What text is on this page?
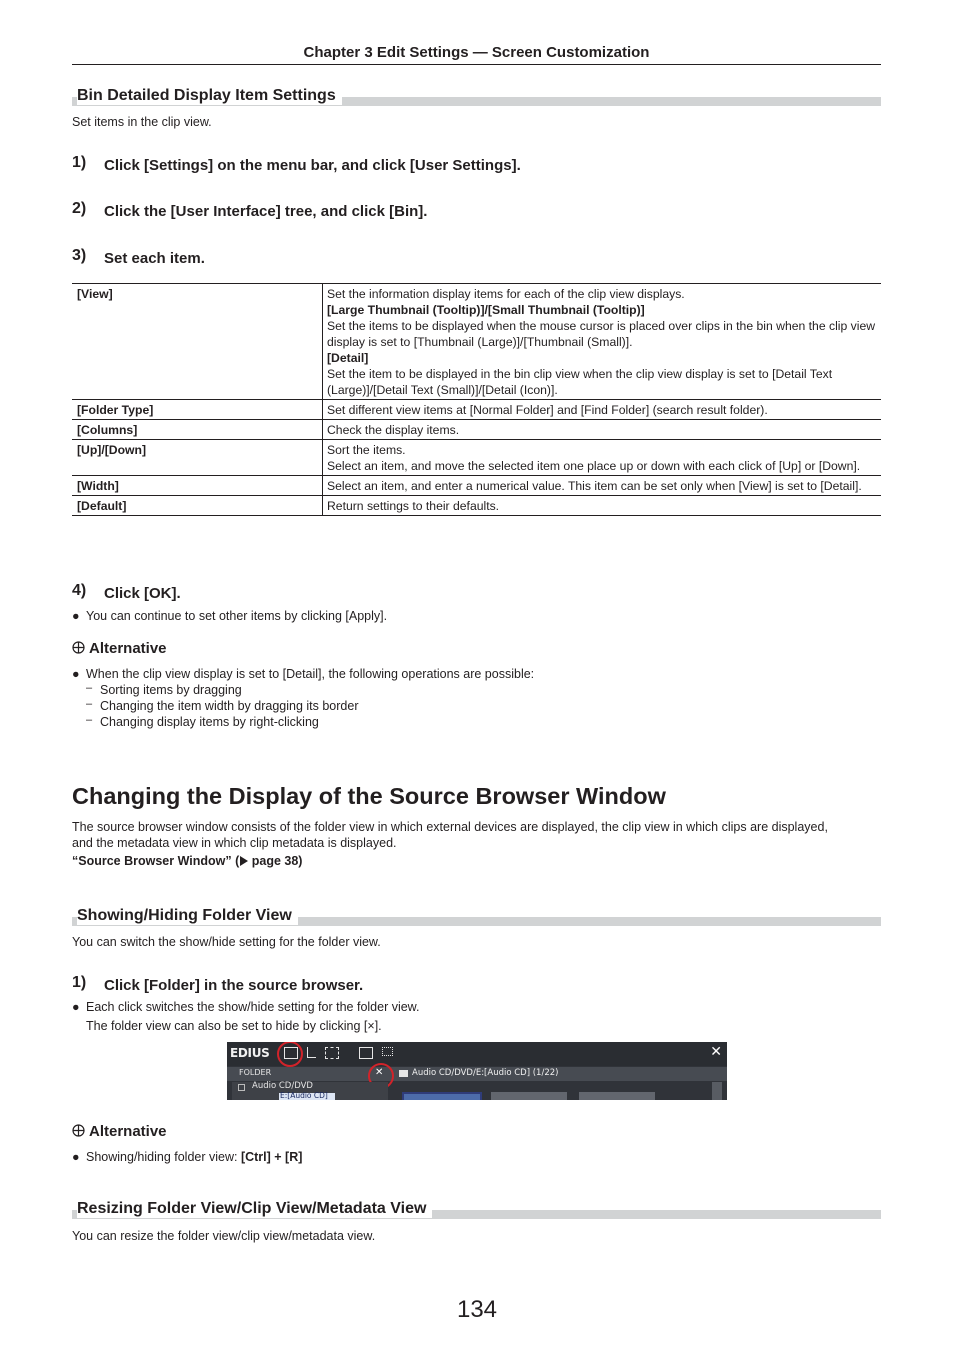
Chapter 3 Edit Settings — Screen Customization
Bin Detailed Display Item Settings
Set items in the clip view.
1) Click [Settings] on the menu bar, and click [User Settings].
2) Click the [User Interface] tree, and click [Bin].
3) Set each item.
[View]	Set the information display items for each of the clip view displays.
[Large Thumbnail (Tooltip)]/[Small Thumbnail (Tooltip)]
Set the items to be displayed when the mouse cursor is placed over clips in the bin when the clip view display is set to [Thumbnail (Large)]/[Thumbnail (Small)].
[Detail]
Set the item to be displayed in the bin clip view when the clip view display is set to [Detail Text (Large)]/[Detail Text (Small)]/[Detail (Icon)].

[Folder Type]	Set different view items at [Normal Folder] and [Find Folder] (search result folder).
[Columns]	Check the display items.
[Up]/[Down]	Sort the items.
Select an item, and move the selected item one place up or down with each click of [Up] or [Down].

[Width]	Select an item, and enter a numerical value. This item can be set only when [View] is set to [Detail].
[Default]	Return settings to their defaults.
4) Click [OK].
● You can continue to set other items by clicking [Apply].
Alternative
● When the clip view display is set to [Detail], the following operations are possible:
– Sorting items by dragging
– Changing the item width by dragging its border
– Changing display items by right-clicking
Changing the Display of the Source Browser Window
The source browser window consists of the folder view in which external devices are displayed, the clip view in which clips are displayed,
and the metadata view in which clip metadata is displayed.
“Source Browser Window” ( page 38)
Showing/Hiding Folder View
You can switch the show/hide setting for the folder view.
1) Click [Folder] in the source browser.
● Each click switches the show/hide setting for the folder view.
The folder view can also be set to hide by clicking [×].
EDIUS	✕
FOLDER	✕	Audio CD/DVD/E:[Audio CD] (1/22)
Audio CD/DVD
E:[Audio CD]
Alternative
● Showing/hiding folder view: [Ctrl] + [R]
Resizing Folder View/Clip View/Metadata View
You can resize the folder view/clip view/metadata view.
134
